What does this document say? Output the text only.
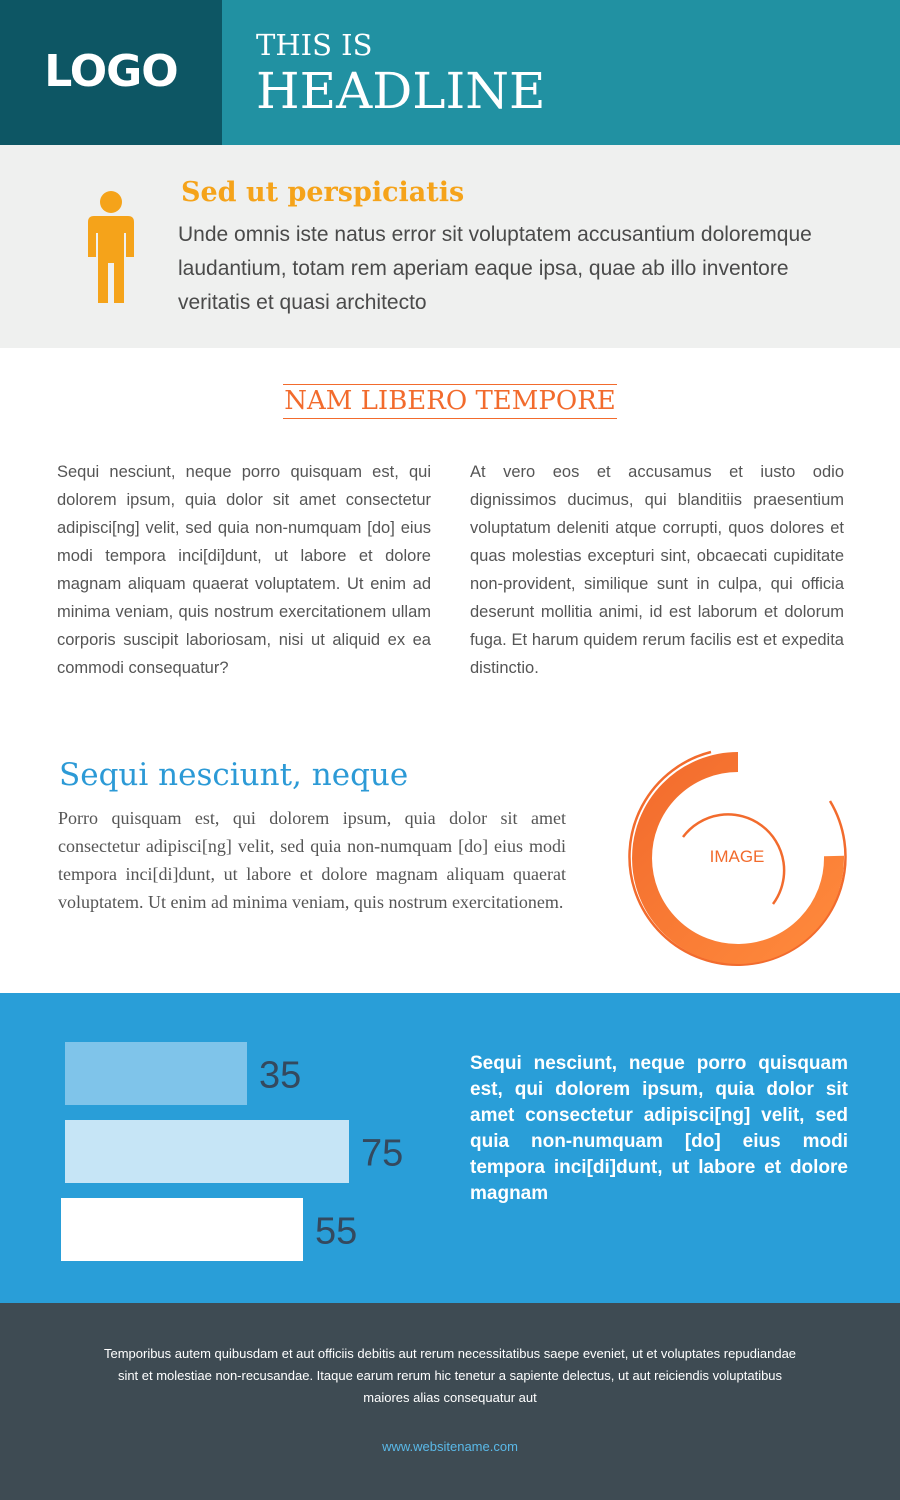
LOGO
THIS IS
HEADLINE
Sed ut perspiciatis
Unde omnis iste natus error sit voluptatem accusantium doloremque laudantium, totam rem aperiam eaque ipsa, quae ab illo inventore veritatis et quasi architecto
NAM LIBERO TEMPORE
Sequi nesciunt, neque porro quisquam est, qui dolorem ipsum, quia dolor sit amet consectetur adipisci[ng] velit, sed quia non-numquam [do] eius modi tempora inci[di]dunt, ut labore et dolore magnam aliquam quaerat voluptatem. Ut enim ad minima veniam, quis nostrum exercitationem ullam corporis suscipit laboriosam, nisi ut aliquid ex ea commodi consequatur?
At vero eos et accusamus et iusto odio dignissimos ducimus, qui blanditiis praesentium voluptatum deleniti atque corrupti, quos dolores et quas molestias excepturi sint, obcaecati cupiditate non-provident, similique sunt in culpa, qui officia deserunt mollitia animi, id est laborum et dolorum fuga. Et harum quidem rerum facilis est et expedita distinctio.
Sequi nesciunt, neque
Porro quisquam est, qui dolorem ipsum, quia dolor sit amet consectetur adipisci[ng] velit, sed quia non-numquam [do] eius modi tempora inci[di]dunt, ut labore et dolore magnam aliquam quaerat voluptatem. Ut enim ad minima veniam, quis nostrum exercitationem.
IMAGE
35
75
55
Sequi nesciunt, neque porro quisquam est, qui dolorem ipsum, quia dolor sit amet consectetur adipisci[ng] velit, sed quia non-numquam [do] eius modi tempora inci[di]dunt, ut labore et dolore magnam
Temporibus autem quibusdam et aut officiis debitis aut rerum necessitatibus saepe eveniet, ut et voluptates repudiandae sint et molestiae non-recusandae. Itaque earum rerum hic tenetur a sapiente delectus, ut aut reiciendis voluptatibus maiores alias consequatur aut
www.websitename.com
